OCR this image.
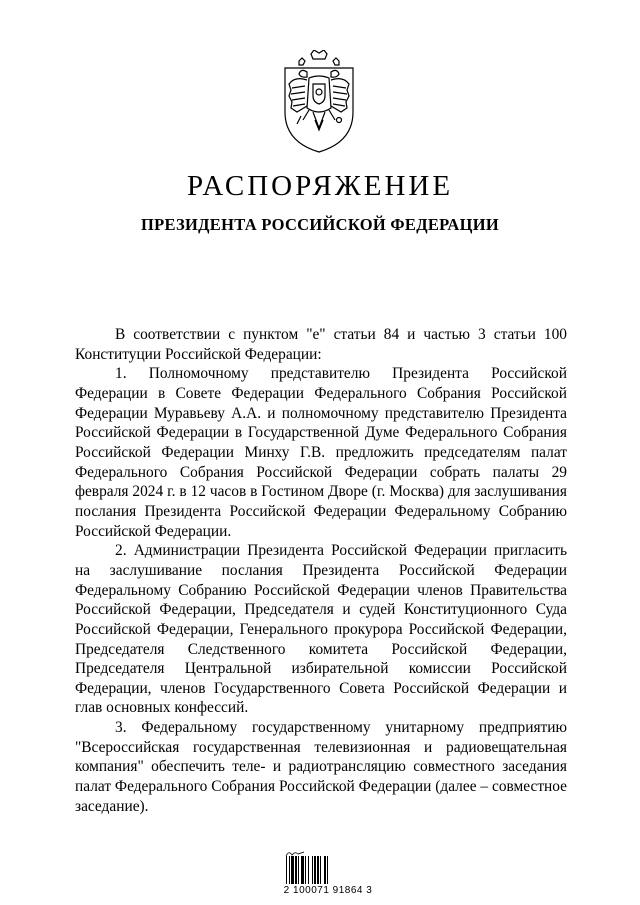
РАСПОРЯЖЕНИЕ
ПРЕЗИДЕНТА РОССИЙСКОЙ ФЕДЕРАЦИИ

В соответствии с пунктом "е" статьи 84 и частью 3 статьи 100 Конституции Российской Федерации:

1. Полномочному представителю Президента Российской Федерации в Совете Федерации Федерального Собрания Российской Федерации Муравьеву А.А. и полномочному представителю Президента Российской Федерации в Государственной Думе Федерального Собрания Российской Федерации Минху Г.В. предложить председателям палат Федерального Собрания Российской Федерации собрать палаты 29 февраля 2024 г. в 12 часов в Гостином Дворе (г. Москва) для заслушивания послания Президента Российской Федерации Федеральному Собранию Российской Федерации.

2. Администрации Президента Российской Федерации пригласить на заслушивание послания Президента Российской Федерации Федеральному Собранию Российской Федерации членов Правительства Российской Федерации, Председателя и судей Конституционного Суда Российской Федерации, Генерального прокурора Российской Федерации, Председателя Следственного комитета Российской Федерации, Председателя Центральной избирательной комиссии Российской Федерации, членов Государственного Совета Российской Федерации и глав основных конфессий.

3. Федеральному государственному унитарному предприятию "Всероссийская государственная телевизионная и радиовещательная компания" обеспечить теле- и радиотрансляцию совместного заседания палат Федерального Собрания Российской Федерации (далее – совместное заседание).

2 100071 91864 3
